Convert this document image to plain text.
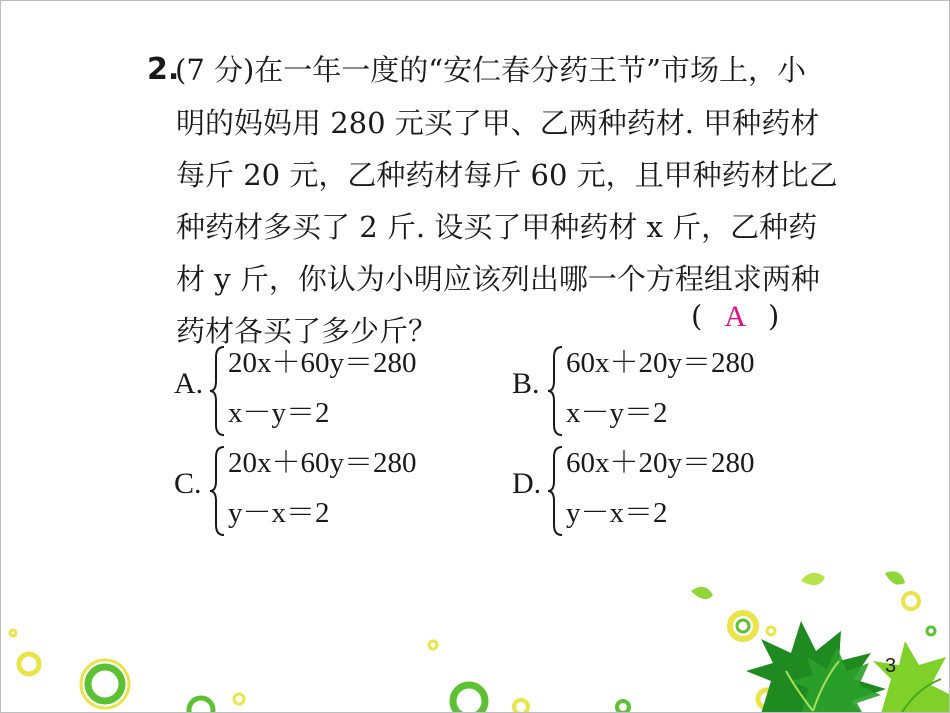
2.
(7 分)在一年一度的“安仁春分药王节”市场上，小
明的妈妈用 280 元买了甲、乙两种药材. 甲种药材
每斤 20 元，乙种药材每斤 60 元，且甲种药材比乙
种药材多买了 2 斤. 设买了甲种药材 x 斤，乙种药
材 y 斤，你认为小明应该列出哪一个方程组求两种
药材各买了多少斤？	( A )
A.
20x＋60y＝280
x－y＝2
B.
60x＋20y＝280
x－y＝2
C.
20x＋60y＝280
y－x＝2
D.
60x＋20y＝280
y－x＝2
3
